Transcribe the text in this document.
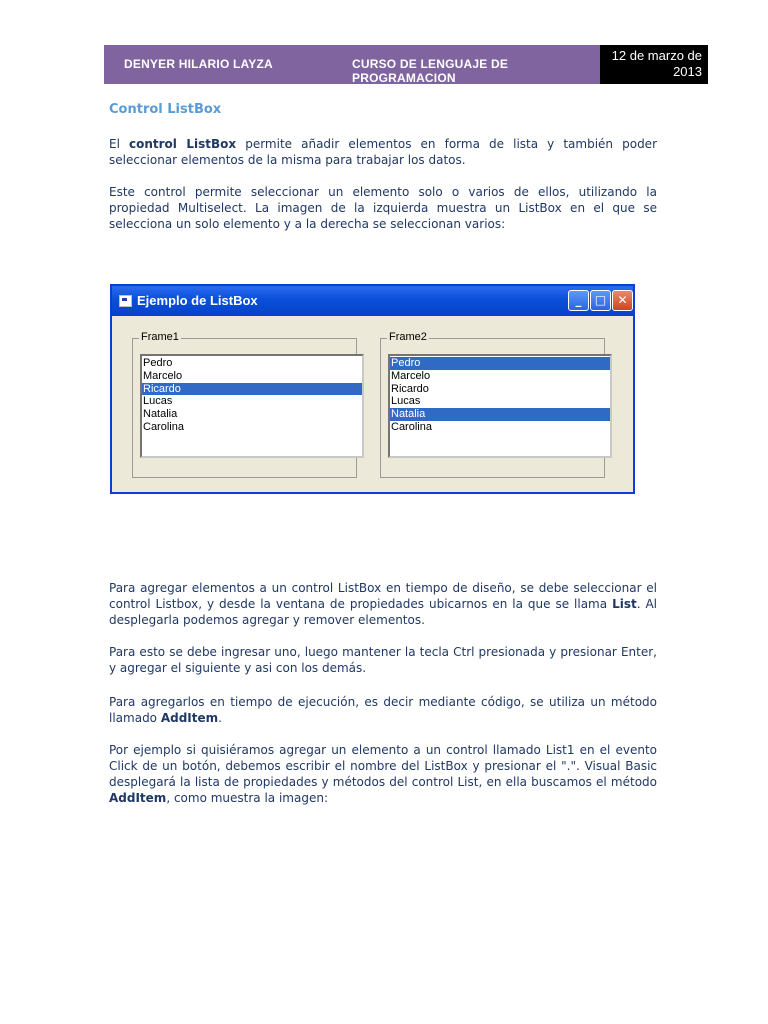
DENYER HILARIO LAYZA	CURSO DE LENGUAJE DE PROGRAMACION
12 de marzo de
2013
Control ListBox
El control ListBox permite añadir elementos en forma de lista y también poder seleccionar elementos de la misma para trabajar los datos.
Este control permite seleccionar un elemento solo o varios de ellos, utilizando la propiedad Multiselect. La imagen de la izquierda muestra un ListBox en el que se selecciona un solo elemento y a la derecha se seleccionan varios:
Ejemplo de ListBox	_	□ ✕
Frame1
Pedro
Marcelo
Ricardo
Lucas
Natalia
Carolina
Frame2
Pedro
Marcelo
Ricardo
Lucas
Natalia
Carolina
Para agregar elementos a un control ListBox en tiempo de diseño, se debe seleccionar el control Listbox, y desde la ventana de propiedades ubicarnos en la que se llama List. Al desplegarla podemos agregar y remover elementos.
Para esto se debe ingresar uno, luego mantener la tecla Ctrl presionada y presionar Enter, y agregar el siguiente y asi con los demás.
Para agregarlos en tiempo de ejecución, es decir mediante código, se utiliza un método llamado AddItem.
Por ejemplo si quisiéramos agregar un elemento a un control llamado List1 en el evento Click de un botón, debemos escribir el nombre del ListBox y presionar el ".". Visual Basic desplegará la lista de propiedades y métodos del control List, en ella buscamos el método AddItem, como muestra la imagen:
